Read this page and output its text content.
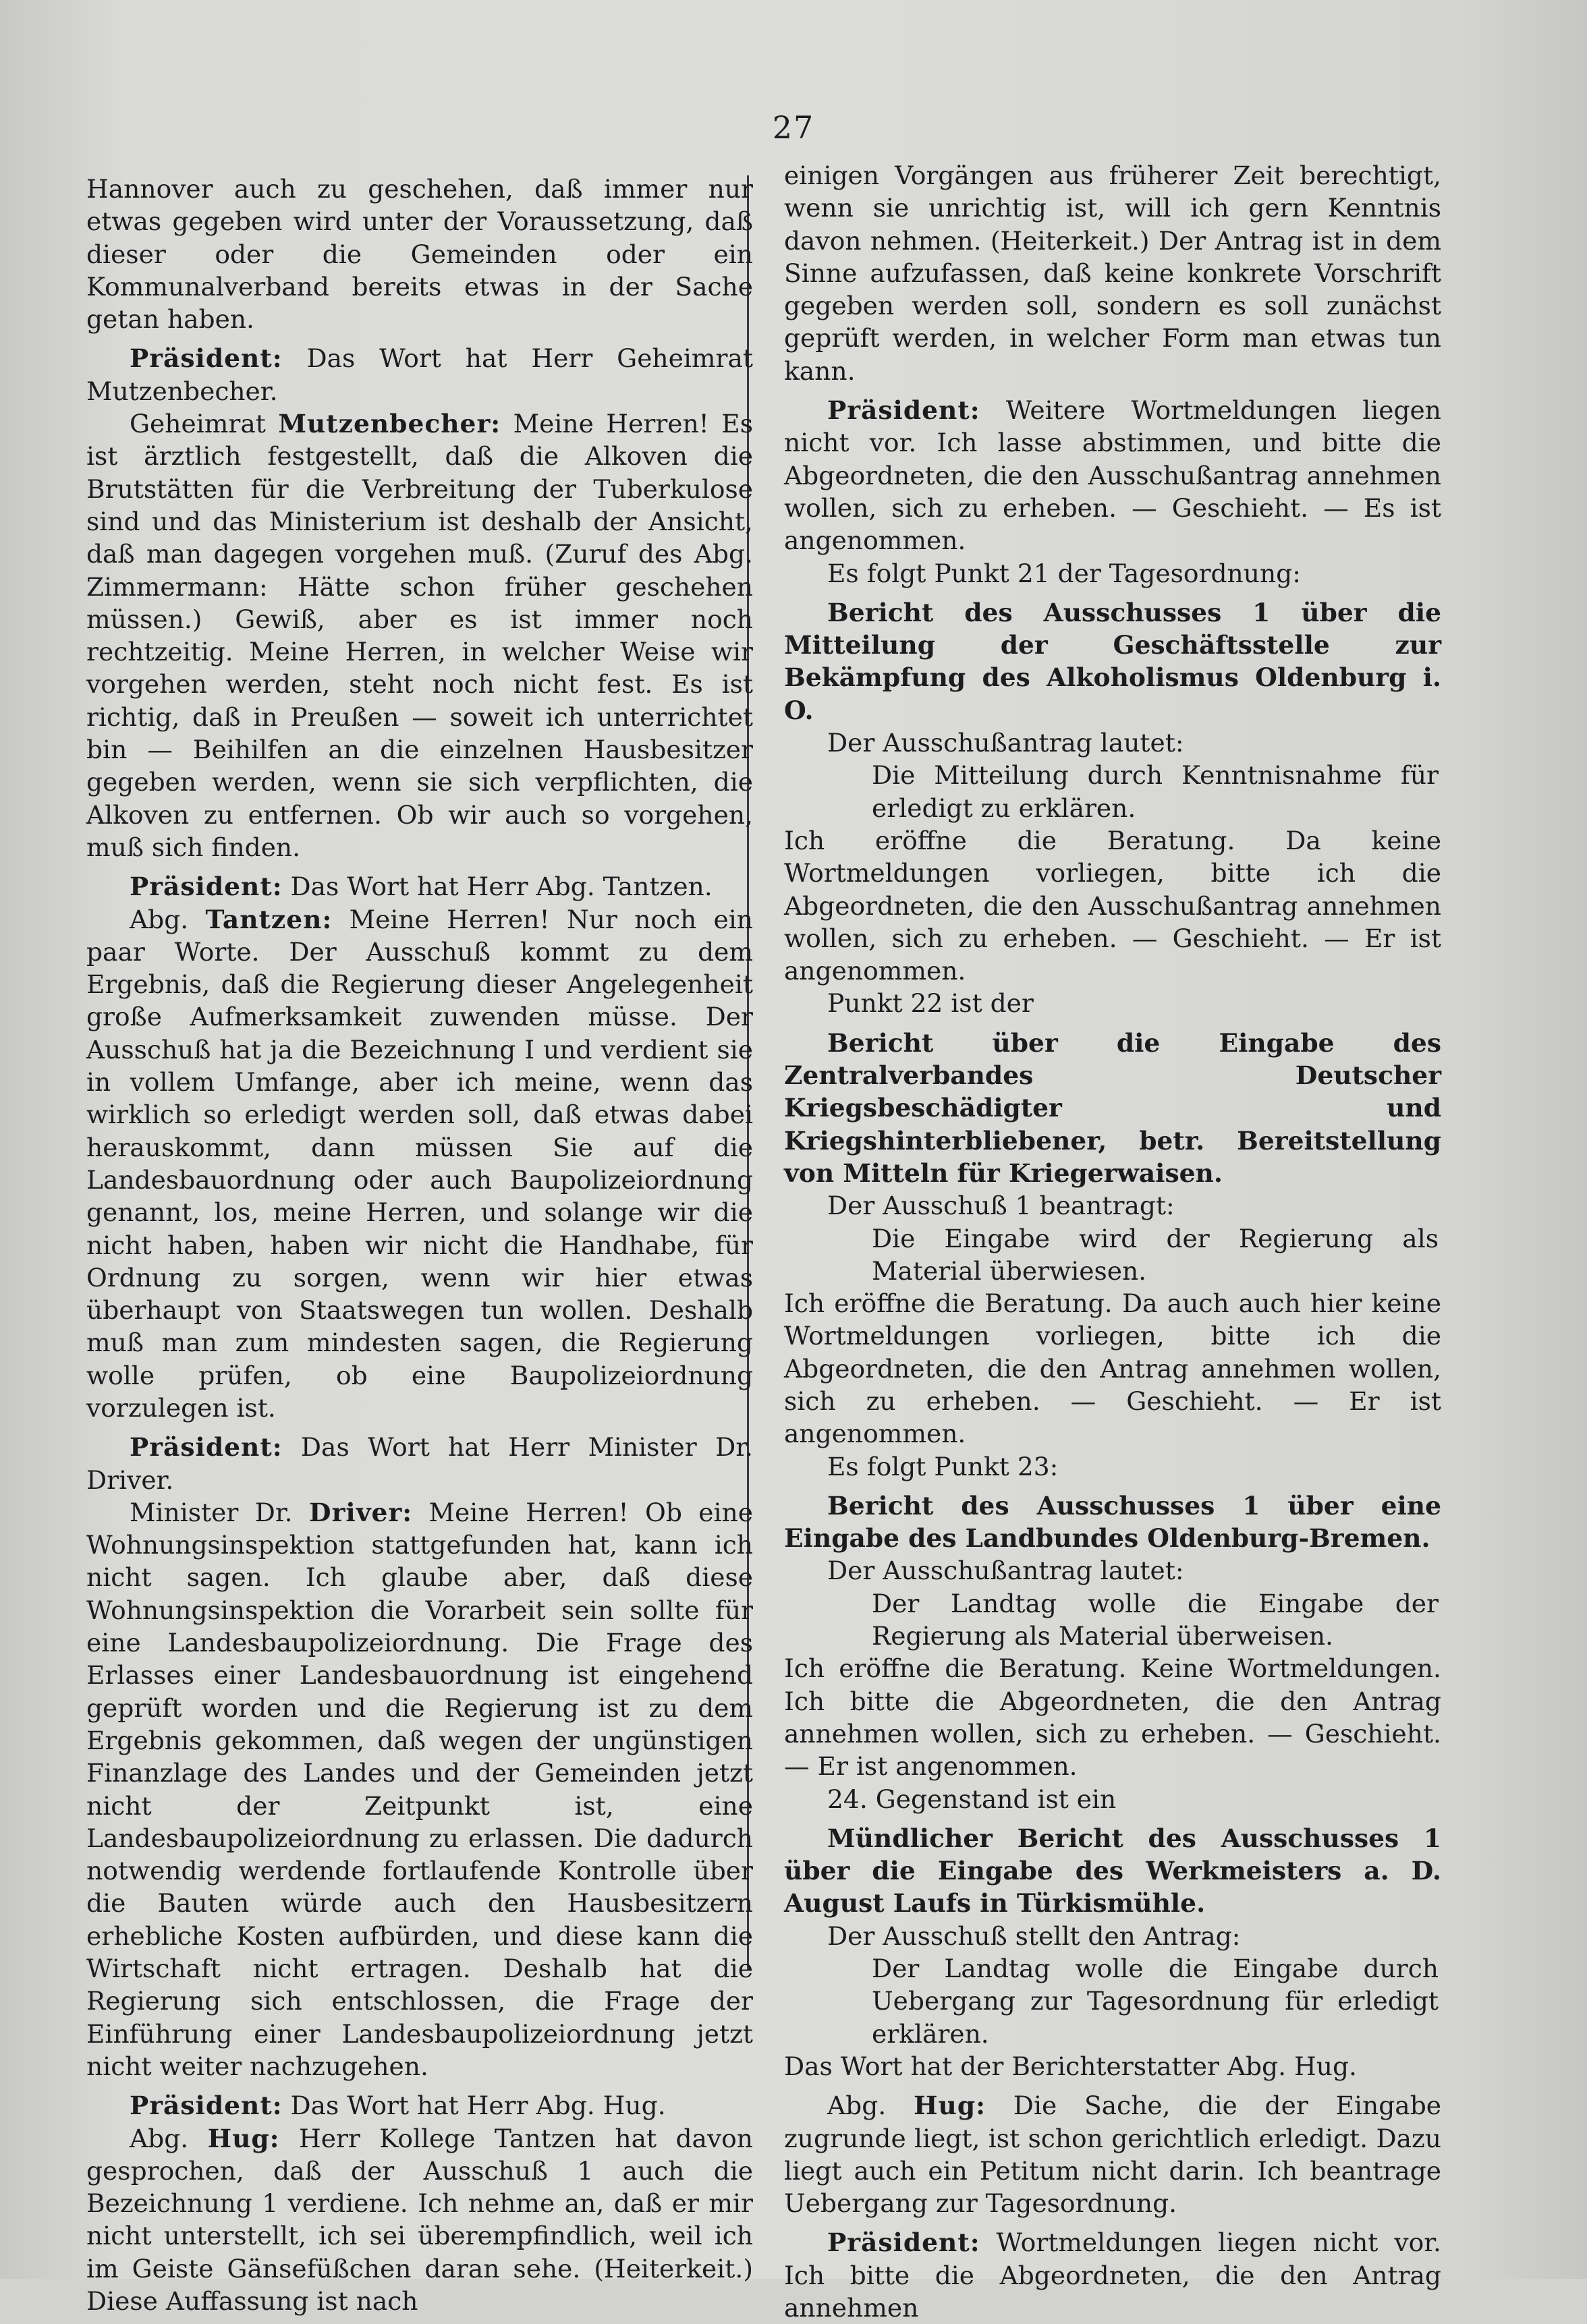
27

Hannover auch zu geschehen, daß immer nur etwas gegeben wird unter der Voraussetzung, daß dieser oder die Gemeinden oder ein Kommunalverband bereits etwas in der Sache getan haben.

Präsident: Das Wort hat Herr Geheimrat Mutzenbecher.

Geheimrat Mutzenbecher: Meine Herren! Es ist ärztlich festgestellt, daß die Alkoven die Brutstätten für die Verbreitung der Tuberkulose sind und das Ministerium ist deshalb der Ansicht, daß man dagegen vorgehen muß. (Zuruf des Abg. Zimmermann: Hätte schon früher geschehen müssen.) Gewiß, aber es ist immer noch rechtzeitig. Meine Herren, in welcher Weise wir vorgehen werden, steht noch nicht fest. Es ist richtig, daß in Preußen — soweit ich unterrichtet bin — Beihilfen an die einzelnen Hausbesitzer gegeben werden, wenn sie sich verpflichten, die Alkoven zu entfernen. Ob wir auch so vorgehen, muß sich finden.

Präsident: Das Wort hat Herr Abg. Tantzen.

Abg. Tantzen: Meine Herren! Nur noch ein paar Worte. Der Ausschuß kommt zu dem Ergebnis, daß die Regierung dieser Angelegenheit große Aufmerksamkeit zuwenden müsse. Der Ausschuß hat ja die Bezeichnung I und verdient sie in vollem Umfange, aber ich meine, wenn das wirklich so erledigt werden soll, daß etwas dabei herauskommt, dann müssen Sie auf die Landesbauordnung oder auch Baupolizeiordnung genannt, los, meine Herren, und solange wir die nicht haben, haben wir nicht die Handhabe, für Ordnung zu sorgen, wenn wir hier etwas überhaupt von Staatswegen tun wollen. Deshalb muß man zum mindesten sagen, die Regierung wolle prüfen, ob eine Baupolizeiordnung vorzulegen ist.

Präsident: Das Wort hat Herr Minister Dr. Driver.

Minister Dr. Driver: Meine Herren! Ob eine Wohnungsinspektion stattgefunden hat, kann ich nicht sagen. Ich glaube aber, daß diese Wohnungsinspektion die Vorarbeit sein sollte für eine Landesbaupolizeiordnung. Die Frage des Erlasses einer Landesbauordnung ist eingehend geprüft worden und die Regierung ist zu dem Ergebnis gekommen, daß wegen der ungünstigen Finanzlage des Landes und der Gemeinden jetzt nicht der Zeitpunkt ist, eine Landesbaupolizeiordnung zu erlassen. Die dadurch notwendig werdende fortlaufende Kontrolle über die Bauten würde auch den Hausbesitzern erhebliche Kosten aufbürden, und diese kann die Wirtschaft nicht ertragen. Deshalb hat die Regierung sich entschlossen, die Frage der Einführung einer Landesbaupolizeiordnung jetzt nicht weiter nachzugehen.

Präsident: Das Wort hat Herr Abg. Hug.

Abg. Hug: Herr Kollege Tantzen hat davon gesprochen, daß der Ausschuß 1 auch die Bezeichnung 1 verdiene. Ich nehme an, daß er mir nicht unterstellt, ich sei überempfindlich, weil ich im Geiste Gänsefüßchen daran sehe. (Heiterkeit.) Diese Auffassung ist nach

einigen Vorgängen aus früherer Zeit berechtigt, wenn sie unrichtig ist, will ich gern Kenntnis davon nehmen. (Heiterkeit.) Der Antrag ist in dem Sinne aufzufassen, daß keine konkrete Vorschrift gegeben werden soll, sondern es soll zunächst geprüft werden, in welcher Form man etwas tun kann.

Präsident: Weitere Wortmeldungen liegen nicht vor. Ich lasse abstimmen, und bitte die Abgeordneten, die den Ausschußantrag annehmen wollen, sich zu erheben. — Geschieht. — Es ist angenommen.

Es folgt Punkt 21 der Tagesordnung:

Bericht des Ausschusses 1 über die Mitteilung der Geschäftsstelle zur Bekämpfung des Alkoholismus Oldenburg i. O.

Der Ausschußantrag lautet:

Die Mitteilung durch Kenntnisnahme für erledigt zu erklären.

Ich eröffne die Beratung. Da keine Wortmeldungen vorliegen, bitte ich die Abgeordneten, die den Ausschußantrag annehmen wollen, sich zu erheben. — Geschieht. — Er ist angenommen.

Punkt 22 ist der

Bericht über die Eingabe des Zentralverbandes Deutscher Kriegsbeschädigter und Kriegshinterbliebener, betr. Bereitstellung von Mitteln für Kriegerwaisen.

Der Ausschuß 1 beantragt:

Die Eingabe wird der Regierung als Material überwiesen.

Ich eröffne die Beratung. Da auch auch hier keine Wortmeldungen vorliegen, bitte ich die Abgeordneten, die den Antrag annehmen wollen, sich zu erheben. — Geschieht. — Er ist angenommen.

Es folgt Punkt 23:

Bericht des Ausschusses 1 über eine Eingabe des Landbundes Oldenburg-Bremen.

Der Ausschußantrag lautet:

Der Landtag wolle die Eingabe der Regierung als Material überweisen.

Ich eröffne die Beratung. Keine Wortmeldungen. Ich bitte die Abgeordneten, die den Antrag annehmen wollen, sich zu erheben. — Geschieht. — Er ist angenommen.

24. Gegenstand ist ein

Mündlicher Bericht des Ausschusses 1 über die Eingabe des Werkmeisters a. D. August Laufs in Türkismühle.

Der Ausschuß stellt den Antrag:

Der Landtag wolle die Eingabe durch Uebergang zur Tagesordnung für erledigt erklären.

Das Wort hat der Berichterstatter Abg. Hug.

Abg. Hug: Die Sache, die der Eingabe zugrunde liegt, ist schon gerichtlich erledigt. Dazu liegt auch ein Petitum nicht darin. Ich beantrage Uebergang zur Tagesordnung.

Präsident: Wortmeldungen liegen nicht vor. Ich bitte die Abgeordneten, die den Antrag annehmen
